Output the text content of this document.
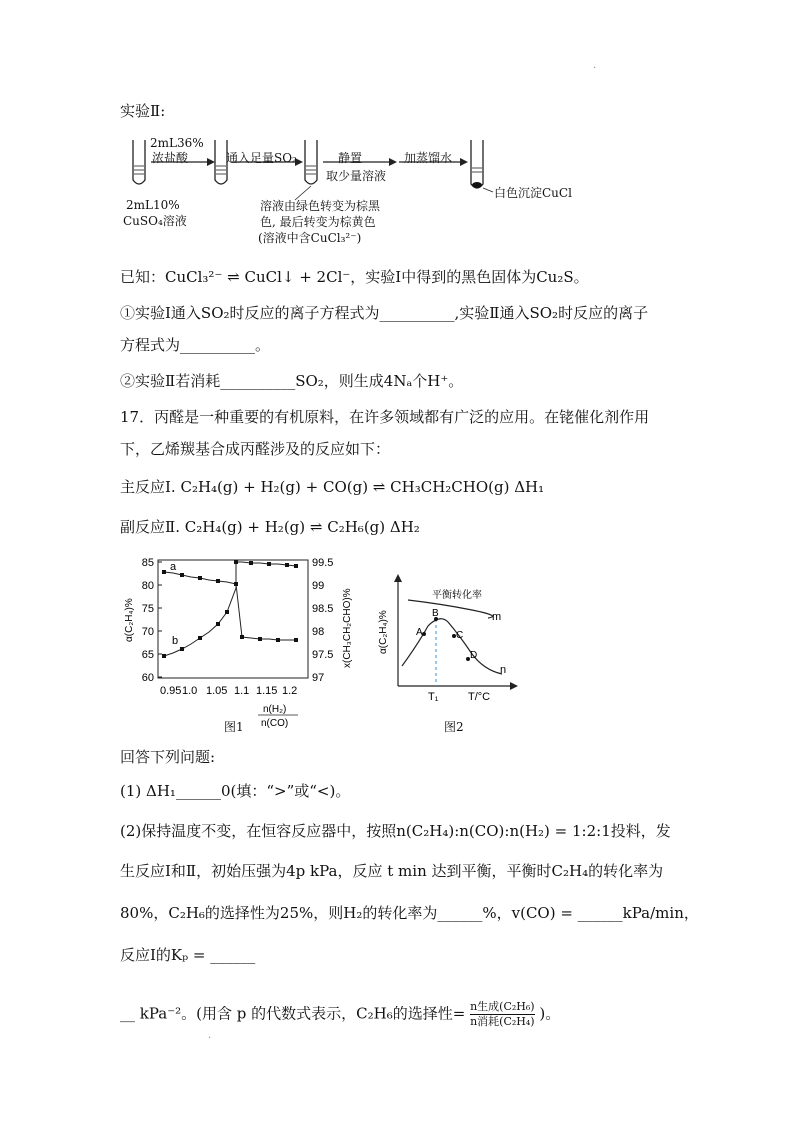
.
实验Ⅱ:
2mL36%
浓盐酸	通入足量SO₂	静置
取少量溶液
加蒸馏水
2mL10%
CuSO₄溶液
溶液由绿色转变为棕黑
色, 最后转变为棕黄色
(溶液中含CuCl₃²⁻)
白色沉淀CuCl
已知：CuCl₃²⁻ ⇌ CuCl↓ + 2Cl⁻，实验Ⅰ中得到的黑色固体为Cu₂S。
①实验Ⅰ通入SO₂时反应的离子方程式为__________,实验Ⅱ通入SO₂时反应的离子
方程式为__________。
②实验Ⅱ若消耗__________SO₂，则生成4Nₐ个H⁺。
17．丙醛是一种重要的有机原料，在许多领域都有广泛的应用。在铑催化剂作用
下，乙烯羰基合成丙醛涉及的反应如下：
主反应Ⅰ. C₂H₄(g) + H₂(g) + CO(g) ⇌ CH₃CH₂CHO(g) ΔH₁
副反应Ⅱ. C₂H₄(g) + H₂(g) ⇌ C₂H₆(g) ΔH₂
85
80
75
70
65
60
99.5
99
98.5
98
97.5
97
0.95 1.0 1.05 1.1 1.15 1.2
a
b
α(C₂H₄)%	x(CH₃CH₂CHO)%
n(H₂)
n(CO)
图1
平衡转化率
m
n
A
B
C
D
T₁	T/°C
α(C₂H₄)%
图2
回答下列问题:
(1) ΔH₁______0(填：“>”或“<)。
(2)保持温度不变，在恒容反应器中，按照n(C₂H₄):n(CO):n(H₂) = 1:2:1投料，发
生反应Ⅰ和Ⅱ，初始压强为4p kPa，反应 t min 达到平衡，平衡时C₂H₄的转化率为
80%，C₂H₆的选择性为25%，则H₂的转化率为______%，v(CO) = ______kPa/min，
反应Ⅰ的Kₚ = ______
__ kPa⁻²。(用含 p 的代数式表示，C₂H₆的选择性= n生成(C₂H₆)
n消耗(C₂H₄) )。
.
